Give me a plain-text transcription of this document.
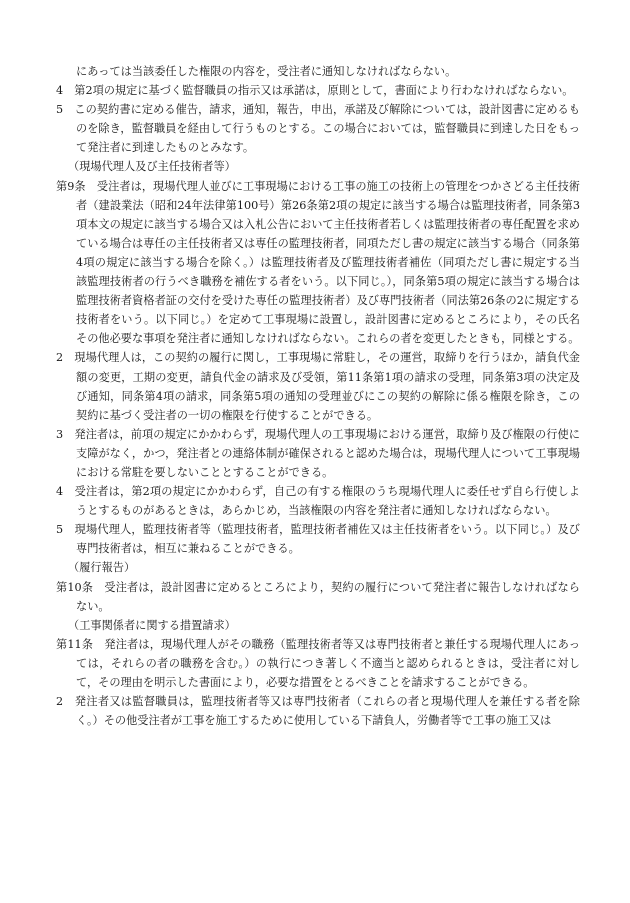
にあっては当該委任した権限の内容を，受注者に通知しなければならない。

4　第2項の規定に基づく監督職員の指示又は承諾は，原則として，書面により行わなければならない。

5　この契約書に定める催告，請求，通知，報告，申出，承諾及び解除については，設計図書に定めるものを除き，監督職員を経由して行うものとする。この場合においては，監督職員に到達した日をもって発注者に到達したものとみなす。

（現場代理人及び主任技術者等）

第9条　受注者は，現場代理人並びに工事現場における工事の施工の技術上の管理をつかさどる主任技術者（建設業法（昭和24年法律第100号）第26条第2項の規定に該当する場合は監理技術者，同条第3項本文の規定に該当する場合又は入札公告において主任技術者若しくは監理技術者の専任配置を求めている場合は専任の主任技術者又は専任の監理技術者，同項ただし書の規定に該当する場合（同条第4項の規定に該当する場合を除く。）は監理技術者及び監理技術者補佐（同項ただし書に規定する当該監理技術者の行うべき職務を補佐する者をいう。以下同じ。），同条第5項の規定に該当する場合は監理技術者資格者証の交付を受けた専任の監理技術者）及び専門技術者（同法第26条の2に規定する技術者をいう。以下同じ。）を定めて工事現場に設置し，設計図書に定めるところにより，その氏名その他必要な事項を発注者に通知しなければならない。これらの者を変更したときも，同様とする。

2　現場代理人は，この契約の履行に関し，工事現場に常駐し，その運営，取締りを行うほか，請負代金額の変更，工期の変更，請負代金の請求及び受領，第11条第1項の請求の受理，同条第3項の決定及び通知，同条第4項の請求，同条第5項の通知の受理並びにこの契約の解除に係る権限を除き，この契約に基づく受注者の一切の権限を行使することができる。

3　発注者は，前項の規定にかかわらず，現場代理人の工事現場における運営，取締り及び権限の行使に支障がなく，かつ，発注者との連絡体制が確保されると認めた場合は，現場代理人について工事現場における常駐を要しないこととすることができる。

4　受注者は，第2項の規定にかかわらず，自己の有する権限のうち現場代理人に委任せず自ら行使しようとするものがあるときは，あらかじめ，当該権限の内容を発注者に通知しなければならない。

5　現場代理人，監理技術者等（監理技術者，監理技術者補佐又は主任技術者をいう。以下同じ。）及び専門技術者は，相互に兼ねることができる。

（履行報告）

第10条　受注者は，設計図書に定めるところにより，契約の履行について発注者に報告しなければならない。

（工事関係者に関する措置請求）

第11条　発注者は，現場代理人がその職務（監理技術者等又は専門技術者と兼任する現場代理人にあっては，それらの者の職務を含む。）の執行につき著しく不適当と認められるときは，受注者に対して，その理由を明示した書面により，必要な措置をとるべきことを請求することができる。

2　発注者又は監督職員は，監理技術者等又は専門技術者（これらの者と現場代理人を兼任する者を除く。）その他受注者が工事を施工するために使用している下請負人，労働者等で工事の施工又は
